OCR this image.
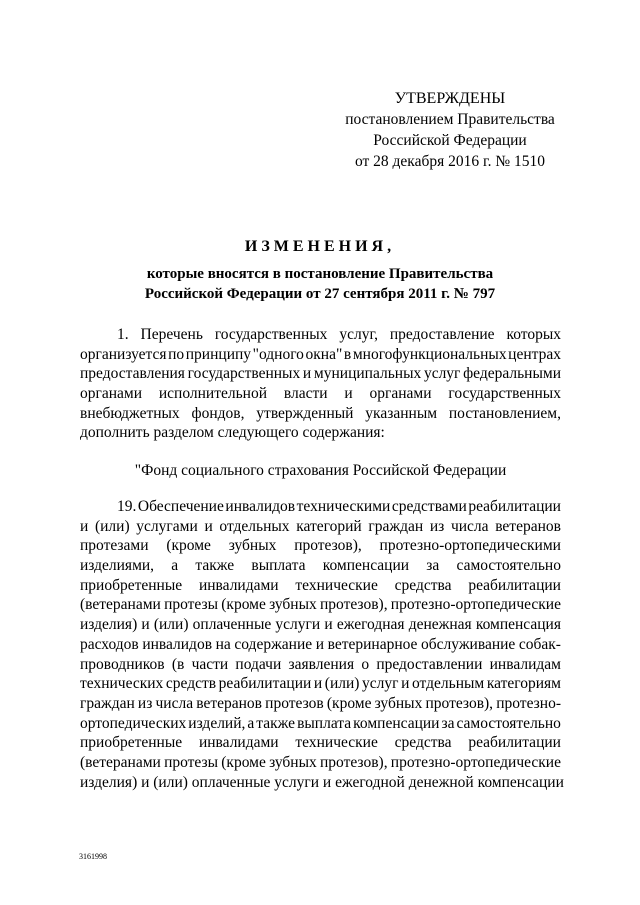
УТВЕРЖДЕНЫ
постановлением Правительства
Российской Федерации
от 28 декабря 2016 г. № 1510
ИЗМЕНЕНИЯ,
которые вносятся в постановление Правительства
Российской Федерации от 27 сентября 2011 г. № 797
1. Перечень государственных услуг, предоставление которых
организуется по принципу "одного окна" в многофункциональных центрах
предоставления государственных и муниципальных услуг федеральными
органами исполнительной власти и органами государственных
внебюджетных фондов, утвержденный указанным постановлением,
дополнить разделом следующего содержания:
"Фонд социального страхования Российской Федерации
19. Обеспечение инвалидов техническими средствами реабилитации
и (или) услугами и отдельных категорий граждан из числа ветеранов
протезами (кроме зубных протезов), протезно-ортопедическими
изделиями, а также выплата компенсации за самостоятельно
приобретенные инвалидами технические средства реабилитации
(ветеранами протезы (кроме зубных протезов), протезно-ортопедические
изделия) и (или) оплаченные услуги и ежегодная денежная компенсация
расходов инвалидов на содержание и ветеринарное обслуживание собак-
проводников (в части подачи заявления о предоставлении инвалидам
технических средств реабилитации и (или) услуг и отдельным категориям
граждан из числа ветеранов протезов (кроме зубных протезов), протезно-
ортопедических изделий, а также выплата компенсации за самостоятельно
приобретенные инвалидами технические средства реабилитации
(ветеранами протезы (кроме зубных протезов), протезно-ортопедические
изделия) и (или) оплаченные услуги и ежегодной денежной компенсации
3161998
